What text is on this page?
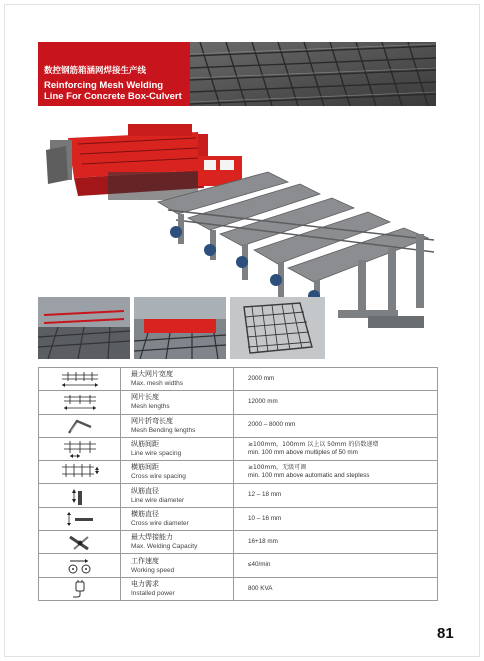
数控钢筋箱涵网焊接生产线
Reinforcing Mesh Welding
Line For Concrete Box-Culvert

最大网片宽度
Max. mesh widths	2000 mm

网片长度
Mesh lengths	12000 mm

网片折弯长度
Mesh Bending lengths	2000 – 8000 mm

纵筋间距
Line wire spacing	≥100mm，100mm 以上以 50mm 的倍数递增
min. 100 mm above multiples of 50 mm

横筋间距
Cross wire spacing	≥100mm，无级可调
min. 100 mm above automatic and stepless

纵筋直径
Line wire diameter	12 – 18 mm

横筋直径
Cross wire diameter	10 – 16 mm

最大焊接能力
Max. Welding Capacity	16+18 mm

工作速度
Working speed	≤40/min

电力需求
Installed power	800 KVA
81
